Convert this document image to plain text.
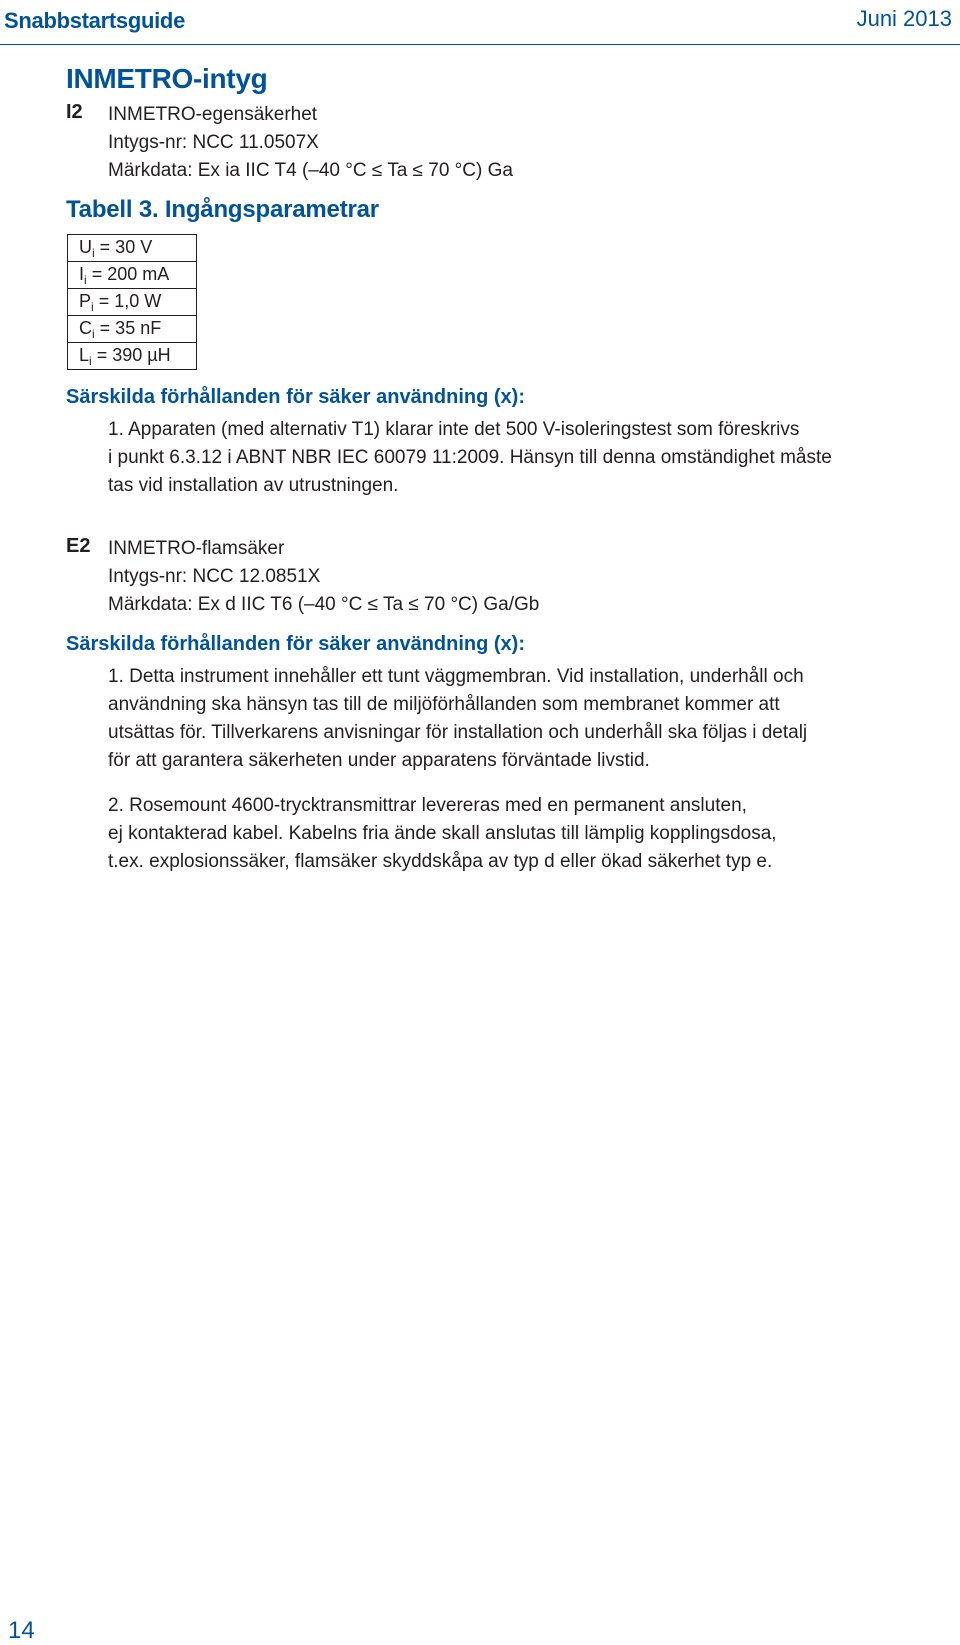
Snabbstartsguide	Juni 2013
INMETRO-intyg
I2 INMETRO-egensäkerhet
Intygs-nr: NCC 11.0507X
Märkdata: Ex ia IIC T4 (–40 °C ≤ Ta ≤ 70 °C) Ga
Tabell 3. Ingångsparametrar
$U_i = 30$ V
$I_i = 200$ mA
$P_i = 1,0$ W
$C_i = 35$ nF
$L_i = 390$ µH
Särskilda förhållanden för säker användning (x):
1. Apparaten (med alternativ T1) klarar inte det 500 V-isoleringstest som föreskrivs
i punkt 6.3.12 i ABNT NBR IEC 60079 11:2009. Hänsyn till denna omständighet måste
tas vid installation av utrustningen.
E2 INMETRO-flamsäker
Intygs-nr: NCC 12.0851X
Märkdata: Ex d IIC T6 (–40 °C ≤ Ta ≤ 70 °C) Ga/Gb
Särskilda förhållanden för säker användning (x):
1. Detta instrument innehåller ett tunt väggmembran. Vid installation, underhåll och
användning ska hänsyn tas till de miljöförhållanden som membranet kommer att
utsättas för. Tillverkarens anvisningar för installation och underhåll ska följas i detalj
för att garantera säkerheten under apparatens förväntade livstid.
2. Rosemount 4600-trycktransmittrar levereras med en permanent ansluten,
ej kontakterad kabel. Kabelns fria ände skall anslutas till lämplig kopplingsdosa,
t.ex. explosionssäker, flamsäker skyddskåpa av typ d eller ökad säkerhet typ e.
14
